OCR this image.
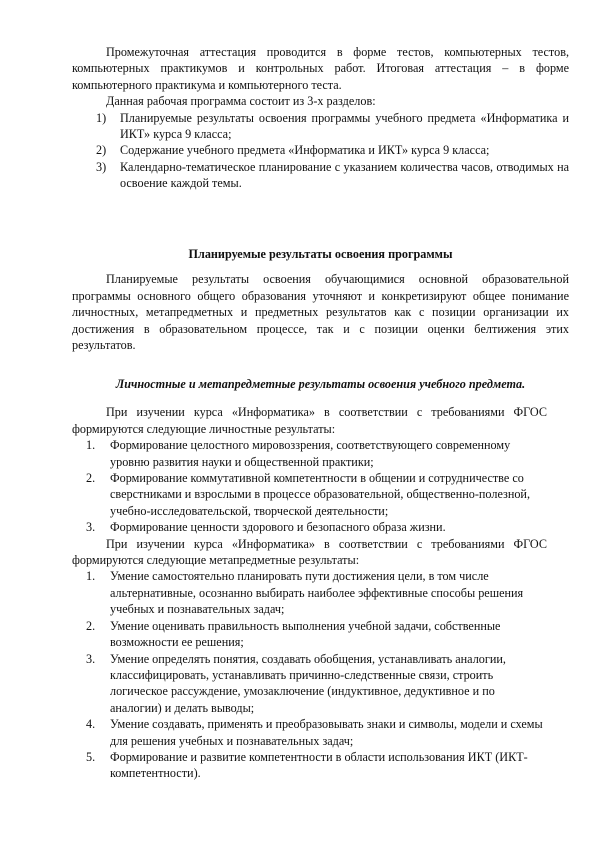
Промежуточная аттестация проводится в форме тестов, компьютерных тестов, компьютерных практикумов и контрольных работ. Итоговая аттестация – в форме компьютерного практикума и компьютерного теста.

Данная рабочая программа состоит из 3-х разделов:

1) Планируемые результаты освоения программы учебного предмета «Информатика и ИКТ» курса 9 класса;

2) Содержание учебного предмета «Информатика и ИКТ» курса 9 класса;

3) Календарно-тематическое планирование с указанием количества часов, отводимых на освоение каждой темы.

Планируемые результаты освоения программы

Планируемые результаты освоения обучающимися основной образовательной программы основного общего образования уточняют и конкретизируют общее понимание личностных, метапредметных и предметных результатов как с позиции организации их достижения в образовательном процессе, так и с позиции оценки бeлтижения этих результатов.

Личностные и метапредметные результаты освоения учебного предмета.

При изучении курса «Информатика» в соответствии с требованиями ФГОС формируются следующие личностные результаты:

1. Формирование целостного мировоззрения, соответствующего современному уровню развития науки и общественной практики;

2. Формирование коммутативной компетентности в общении и сотрудничестве со сверстниками и взрослыми в процессе образовательной, общественно-полезной, учебно-исследовательской, творческой деятельности;

3. Формирование ценности здорового и безопасного образа жизни.

При изучении курса «Информатика» в соответствии с требованиями ФГОС формируются следующие метапредметные результаты:

1. Умение самостоятельно планировать пути достижения цели, в том числе альтернативные, осознанно выбирать наиболее эффективные способы решения учебных и познавательных задач;

2. Умение оценивать правильность выполнения учебной задачи, собственные возможности ее решения;

3. Умение определять понятия, создавать обобщения, устанавливать аналогии, классифицировать, устанавливать причинно-следственные связи, строить логическое рассуждение, умозаключение (индуктивное, дедуктивное и по аналогии) и делать выводы;

4. Умение создавать, применять и преобразовывать знаки и символы, модели и схемы для решения учебных и познавательных задач;

5. Формирование и развитие компетентности в области использования ИКТ (ИКТ-компетентности).
